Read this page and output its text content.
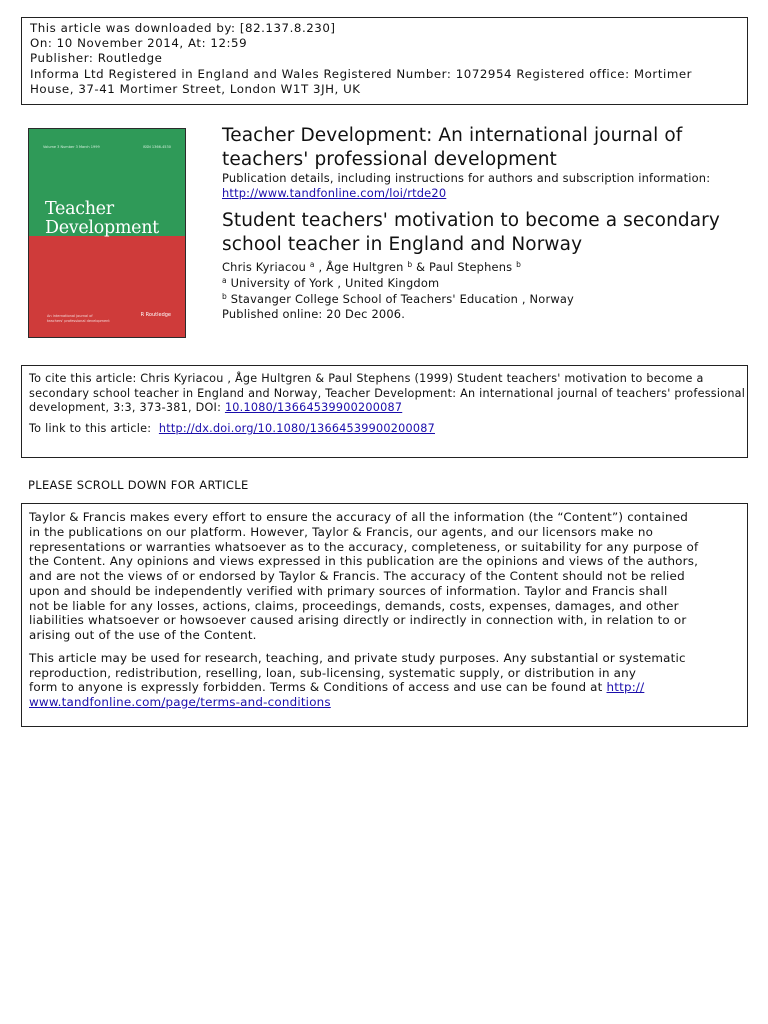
This article was downloaded by: [82.137.8.230]
On: 10 November 2014, At: 12:59
Publisher: Routledge
Informa Ltd Registered in England and Wales Registered Number: 1072954 Registered office: Mortimer
House, 37-41 Mortimer Street, London W1T 3JH, UK
Volume 3 Number 3 March 1999	ISSN 1366-4530
Teacher
Development
An international journal of
teachers' professional development
R Routledge
Teacher Development: An international journal of
teachers' professional development
Publication details, including instructions for authors and subscription information:
http://www.tandfonline.com/loi/rtde20
Student teachers' motivation to become a secondary
school teacher in England and Norway
Chris Kyriacou $^a$ , Åge Hultgren $^b$ & Paul Stephens $^b$
$^a$ University of York , United Kingdom
$^b$ Stavanger College School of Teachers' Education , Norway
Published online: 20 Dec 2006.
To cite this article: Chris Kyriacou , Åge Hultgren & Paul Stephens (1999) Student teachers' motivation to become a
secondary school teacher in England and Norway, Teacher Development: An international journal of teachers' professional
development, 3:3, 373-381, DOI: 10.1080/13664539900200087
To link to this article:  http://dx.doi.org/10.1080/13664539900200087
PLEASE SCROLL DOWN FOR ARTICLE
Taylor & Francis makes every effort to ensure the accuracy of all the information (the “Content”) contained
in the publications on our platform. However, Taylor & Francis, our agents, and our licensors make no
representations or warranties whatsoever as to the accuracy, completeness, or suitability for any purpose of
the Content. Any opinions and views expressed in this publication are the opinions and views of the authors,
and are not the views of or endorsed by Taylor & Francis. The accuracy of the Content should not be relied
upon and should be independently verified with primary sources of information. Taylor and Francis shall
not be liable for any losses, actions, claims, proceedings, demands, costs, expenses, damages, and other
liabilities whatsoever or howsoever caused arising directly or indirectly in connection with, in relation to or
arising out of the use of the Content.
This article may be used for research, teaching, and private study purposes. Any substantial or systematic
reproduction, redistribution, reselling, loan, sub-licensing, systematic supply, or distribution in any
form to anyone is expressly forbidden. Terms & Conditions of access and use can be found at http://
www.tandfonline.com/page/terms-and-conditions
